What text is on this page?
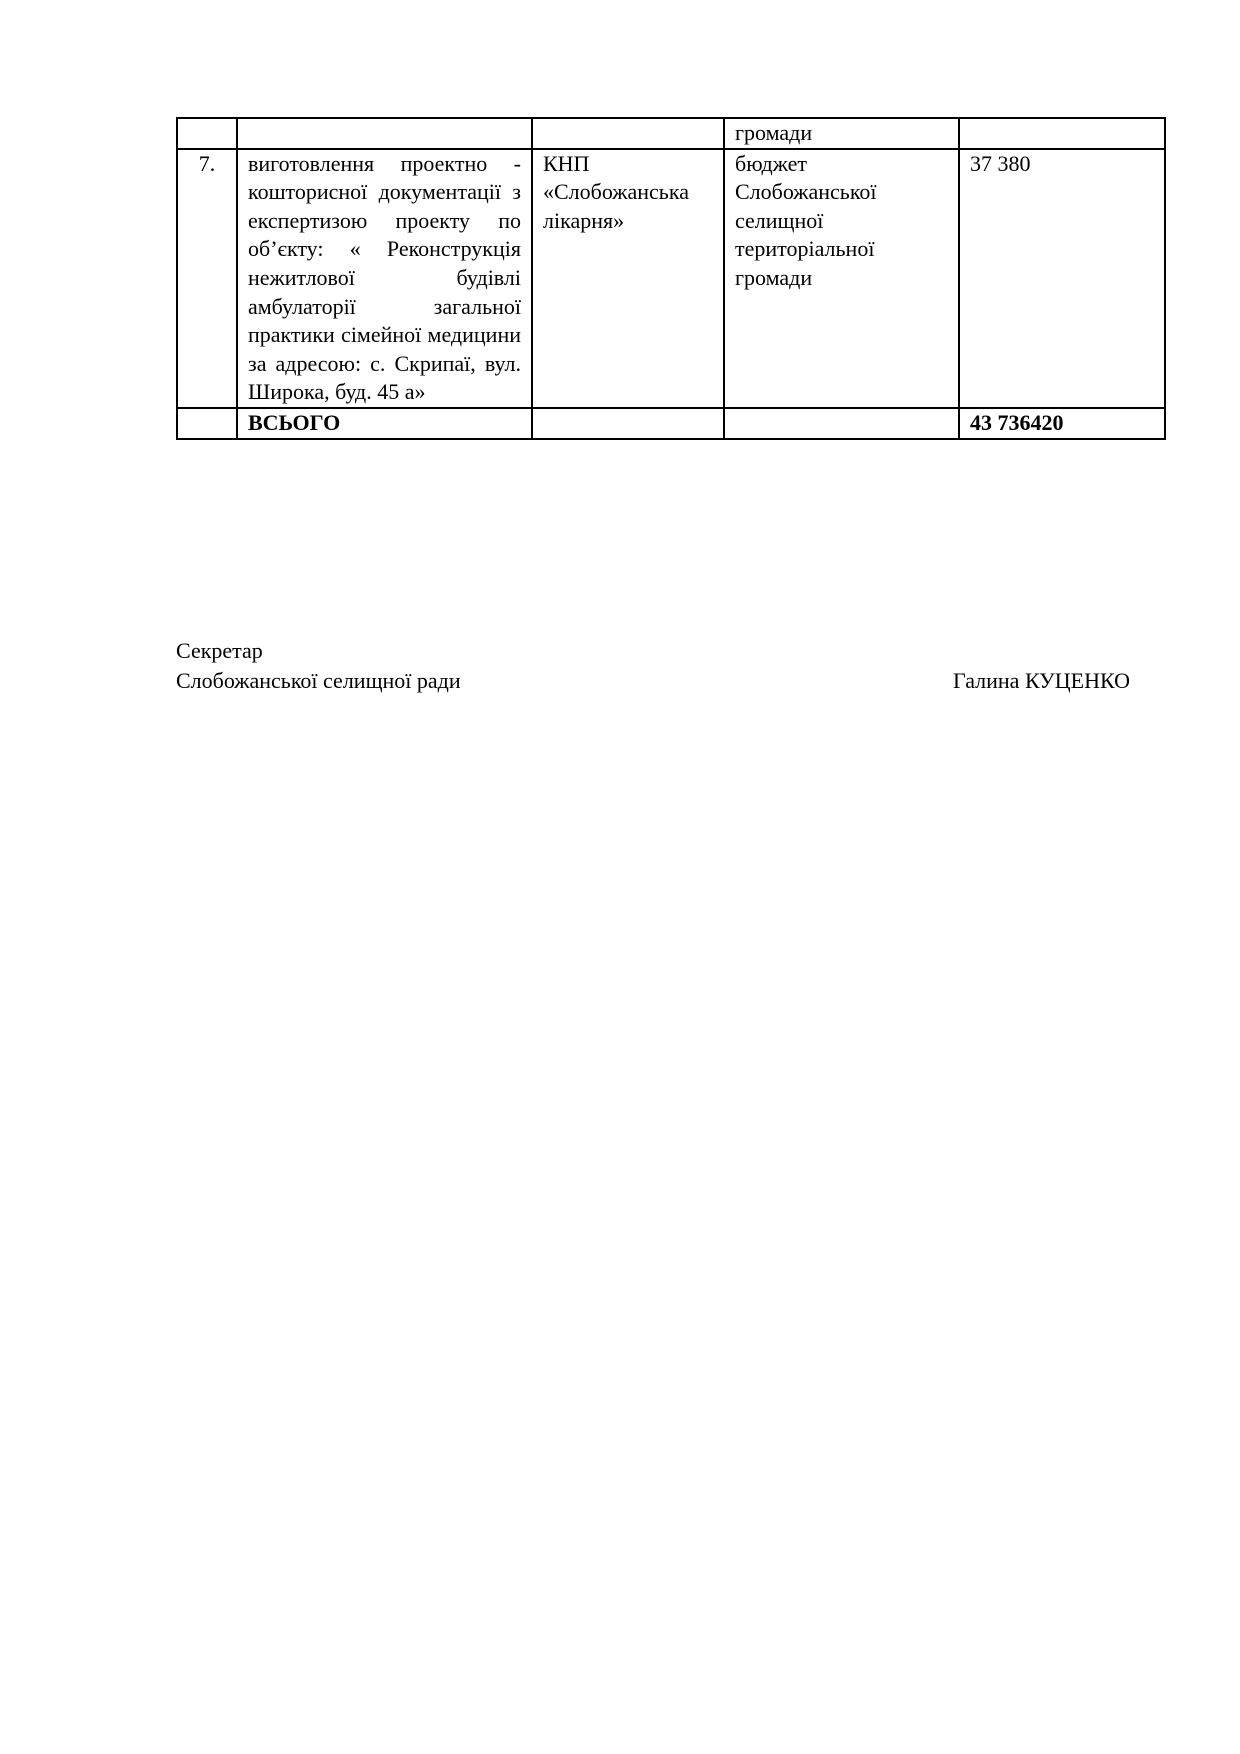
			громади	
7.	виготовлення проектно - кошторисної документації з експертизою проекту по об’єкту: « Реконструкція нежитлової будівлі амбулаторії загальної практики сімейної медицини за адресою: с. Скрипаї, вул. Широка, буд. 45 а»	КНП «Слобожанська лікарня»	бюджет Слобожанської селищної територіальної громади	37 380
	ВСЬОГО			43 736420
Секретар
Слобожанської селищної ради	Галина КУЦЕНКО
